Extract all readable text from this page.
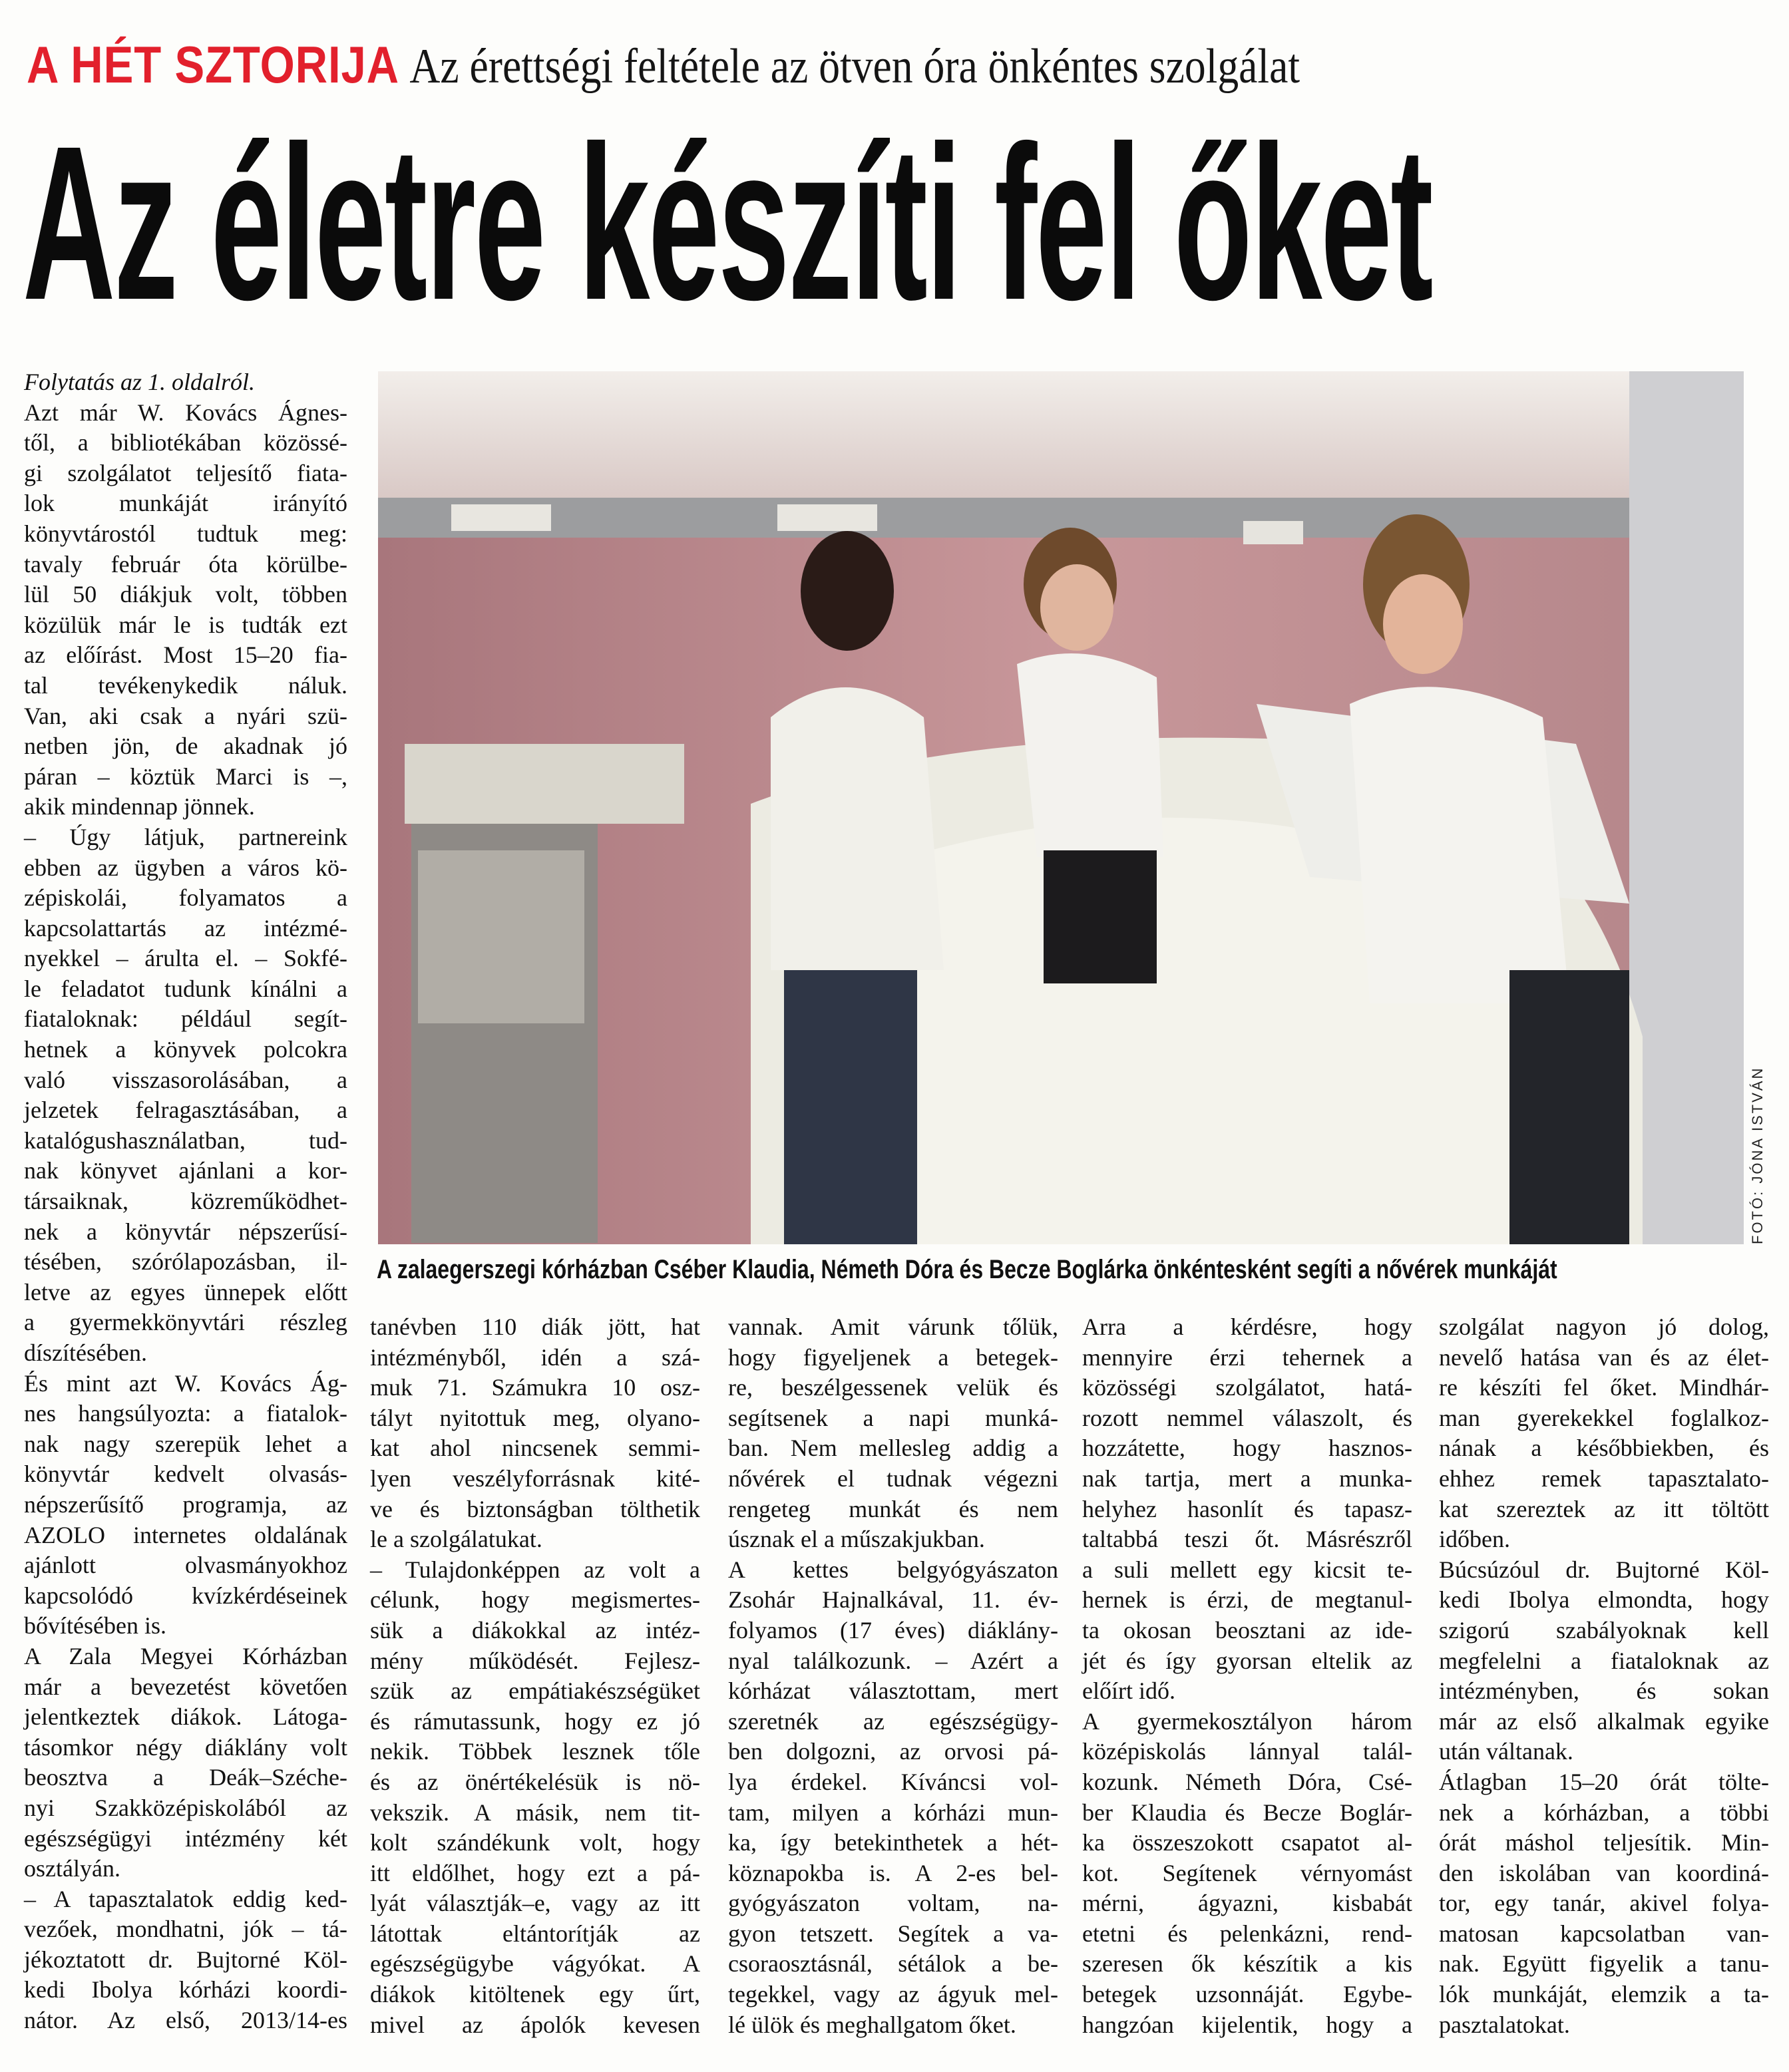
A HÉT SZTORIJA Az érettségi feltétele az ötven óra önkéntes szolgálat
Az életre készíti fel őket
FOTÓ: JÓNA ISTVÁN
A zalaegerszegi kórházban Cséber Klaudia, Németh Dóra és Becze Boglárka önkéntesként segíti a nővérek munkáját
Folytatás az 1. oldalról.
Azt már W. Kovács Ágnes-
től, a bibliotékában közössé-
gi szolgálatot teljesítő fiata-
lok munkáját irányító
könyvtárostól tudtuk meg:
tavaly február óta körülbe-
lül 50 diákjuk volt, többen
közülük már le is tudták ezt
az előírást. Most 15–20 fia-
tal tevékenykedik náluk.
Van, aki csak a nyári szü-
netben jön, de akadnak jó
páran – köztük Marci is –,
akik mindennap jönnek.
– Úgy látjuk, partnereink
ebben az ügyben a város kö-
zépiskolái, folyamatos a
kapcsolattartás az intézmé-
nyekkel – árulta el. – Sokfé-
le feladatot tudunk kínálni a
fiataloknak: például segít-
hetnek a könyvek polcokra
való visszasorolásában, a
jelzetek felragasztásában, a
katalógushasználatban, tud-
nak könyvet ajánlani a kor-
társaiknak, közreműködhet-
nek a könyvtár népszerűsí-
tésében, szórólapozásban, il-
letve az egyes ünnepek előtt
a gyermekkönyvtári részleg
díszítésében.
És mint azt W. Kovács Ág-
nes hangsúlyozta: a fiatalok-
nak nagy szerepük lehet a
könyvtár kedvelt olvasás-
népszerűsítő programja, az
AZOLO internetes oldalának
ajánlott olvasmányokhoz
kapcsolódó kvízkérdéseinek
bővítésében is.
A Zala Megyei Kórházban
már a bevezetést követően
jelentkeztek diákok. Látoga-
tásomkor négy diáklány volt
beosztva a Deák–Széche-
nyi Szakközépiskolából az
egészségügyi intézmény két
osztályán.
– A tapasztalatok eddig ked-
vezőek, mondhatni, jók – tá-
jékoztatott dr. Bujtorné Köl-
kedi Ibolya kórházi koordi-
nátor. Az első, 2013/14-es
tanévben 110 diák jött, hat
intézményből, idén a szá-
muk 71. Számukra 10 osz-
tályt nyitottuk meg, olyano-
kat ahol nincsenek semmi-
lyen veszélyforrásnak kité-
ve és biztonságban tölthetik
le a szolgálatukat.
– Tulajdonképpen az volt a
célunk, hogy megismertes-
sük a diákokkal az intéz-
mény működését. Fejlesz-
szük az empátiakészségüket
és rámutassunk, hogy ez jó
nekik. Többek lesznek tőle
és az önértékelésük is nö-
vekszik. A másik, nem tit-
kolt szándékunk volt, hogy
itt eldőlhet, hogy ezt a pá-
lyát választják–e, vagy az itt
látottak eltántorítják az
egészségügybe vágyókat. A
diákok kitöltenek egy űrt,
mivel az ápolók kevesen
vannak. Amit várunk tőlük,
hogy figyeljenek a betegek-
re, beszélgessenek velük és
segítsenek a napi munká-
ban. Nem mellesleg addig a
nővérek el tudnak végezni
rengeteg munkát és nem
úsznak el a műszakjukban.
A kettes belgyógyászaton
Zsohár Hajnalkával, 11. év-
folyamos (17 éves) diáklány-
nyal találkozunk. – Azért a
kórházat választottam, mert
szeretnék az egészségügy-
ben dolgozni, az orvosi pá-
lya érdekel. Kíváncsi vol-
tam, milyen a kórházi mun-
ka, így betekinthetek a hét-
köznapokba is. A 2-es bel-
gyógyászaton voltam, na-
gyon tetszett. Segítek a va-
csoraosztásnál, sétálok a be-
tegekkel, vagy az ágyuk mel-
lé ülök és meghallgatom őket.
Arra a kérdésre, hogy
mennyire érzi tehernek a
közösségi szolgálatot, hatá-
rozott nemmel válaszolt, és
hozzátette, hogy hasznos-
nak tartja, mert a munka-
helyhez hasonlít és tapasz-
taltabbá teszi őt. Másrészről
a suli mellett egy kicsit te-
hernek is érzi, de megtanul-
ta okosan beosztani az ide-
jét és így gyorsan eltelik az
előírt idő.
A gyermekosztályon három
középiskolás lánnyal talál-
kozunk. Németh Dóra, Csé-
ber Klaudia és Becze Boglár-
ka összeszokott csapatot al-
kot. Segítenek vérnyomást
mérni, ágyazni, kisbabát
etetni és pelenkázni, rend-
szeresen ők készítik a kis
betegek uzsonnáját. Egybe-
hangzóan kijelentik, hogy a
szolgálat nagyon jó dolog,
nevelő hatása van és az élet-
re készíti fel őket. Mindhár-
man gyerekekkel foglalkoz-
nának a későbbiekben, és
ehhez remek tapasztalato-
kat szereztek az itt töltött
időben.
Búcsúzóul dr. Bujtorné Köl-
kedi Ibolya elmondta, hogy
szigorú szabályoknak kell
megfelelni a fiataloknak az
intézményben, és sokan
már az első alkalmak egyike
után váltanak.
Átlagban 15–20 órát tölte-
nek a kórházban, a többi
órát máshol teljesítik. Min-
den iskolában van koordiná-
tor, egy tanár, akivel folya-
matosan kapcsolatban van-
nak. Együtt figyelik a tanu-
lók munkáját, elemzik a ta-
pasztalatokat.
